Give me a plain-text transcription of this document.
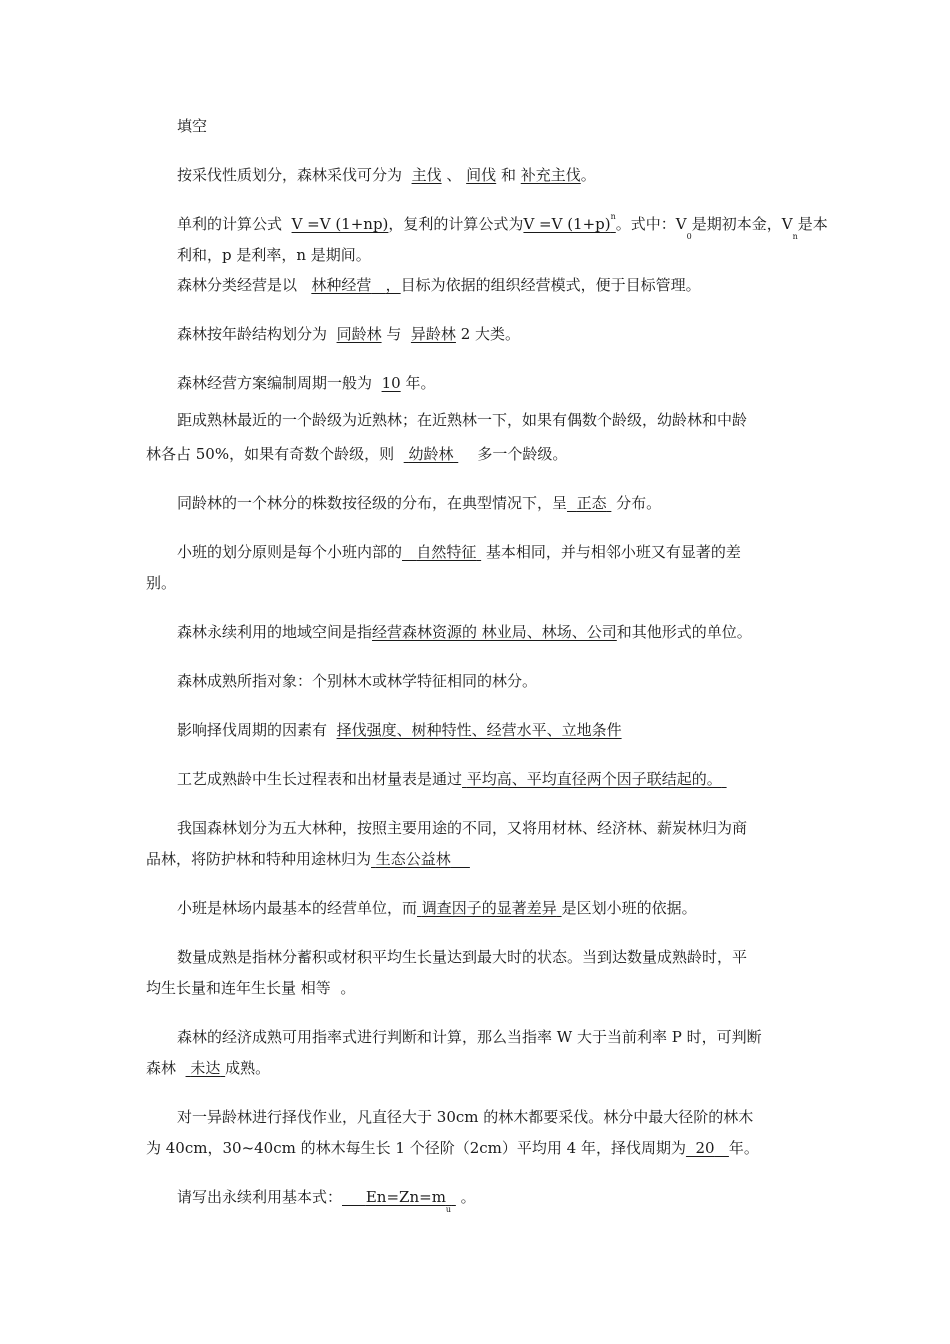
填空

按采伐性质划分，森林采伐可分为 主伐 、 间伐 和 补充主伐。

单利的计算公式 V =V (1+np)，复利的计算公式为V =V $(1+p)^n$。式中：$V_0$是期初本金，$V_n$是本利和，p 是利率，n 是期间。

森林分类经营是以 林种经营 ，目标为依据的组织经营模式，便于目标管理。

森林按年龄结构划分为 同龄林 与 异龄林 2 大类。

森林经营方案编制周期一般为 10 年。

距成熟林最近的一个龄级为近熟林；在近熟林一下，如果有偶数个龄级，幼龄林和中龄

林各占 50%，如果有奇数个龄级，则 幼龄林 多一个龄级。

同龄林的一个林分的株数按径级的分布，在典型情况下，呈 正态 分布。

小班的划分原则是每个小班内部的 自然特征 基本相同，并与相邻小班又有显著的差

别。

森林永续利用的地域空间是指经营森林资源的 林业局、林场、公司和其他形式的单位。

森林成熟所指对象：个别林木或林学特征相同的林分。

影响择伐周期的因素有 择伐强度、树种特性、经营水平、立地条件

工艺成熟龄中生长过程表和出材量表是通过 平均高、平均直径两个因子联结起的。

我国森林划分为五大林种，按照主要用途的不同，又将用材林、经济林、薪炭林归为商

品林，将防护林和特种用途林归为 生态公益林

小班是林场内最基本的经营单位，而 调查因子的显著差异 是区划小班的依据。

数量成熟是指林分蓄积或材积平均生长量达到最大时的状态。当到达数量成熟龄时，平

均生长量和连年生长量 相等 。

森林的经济成熟可用指率式进行判断和计算，那么当指率 W 大于当前利率 P 时，可判断

森林 未达 成熟。

对一异龄林进行择伐作业，凡直径大于 30cm 的林木都要采伐。林分中最大径阶的林木

为 40cm，30~40cm 的林木每生长 1 个径阶（2cm）平均用 4 年，择伐周期为 20 年。

请写出永续利用基本式： $En=Zn=m_u$  。
